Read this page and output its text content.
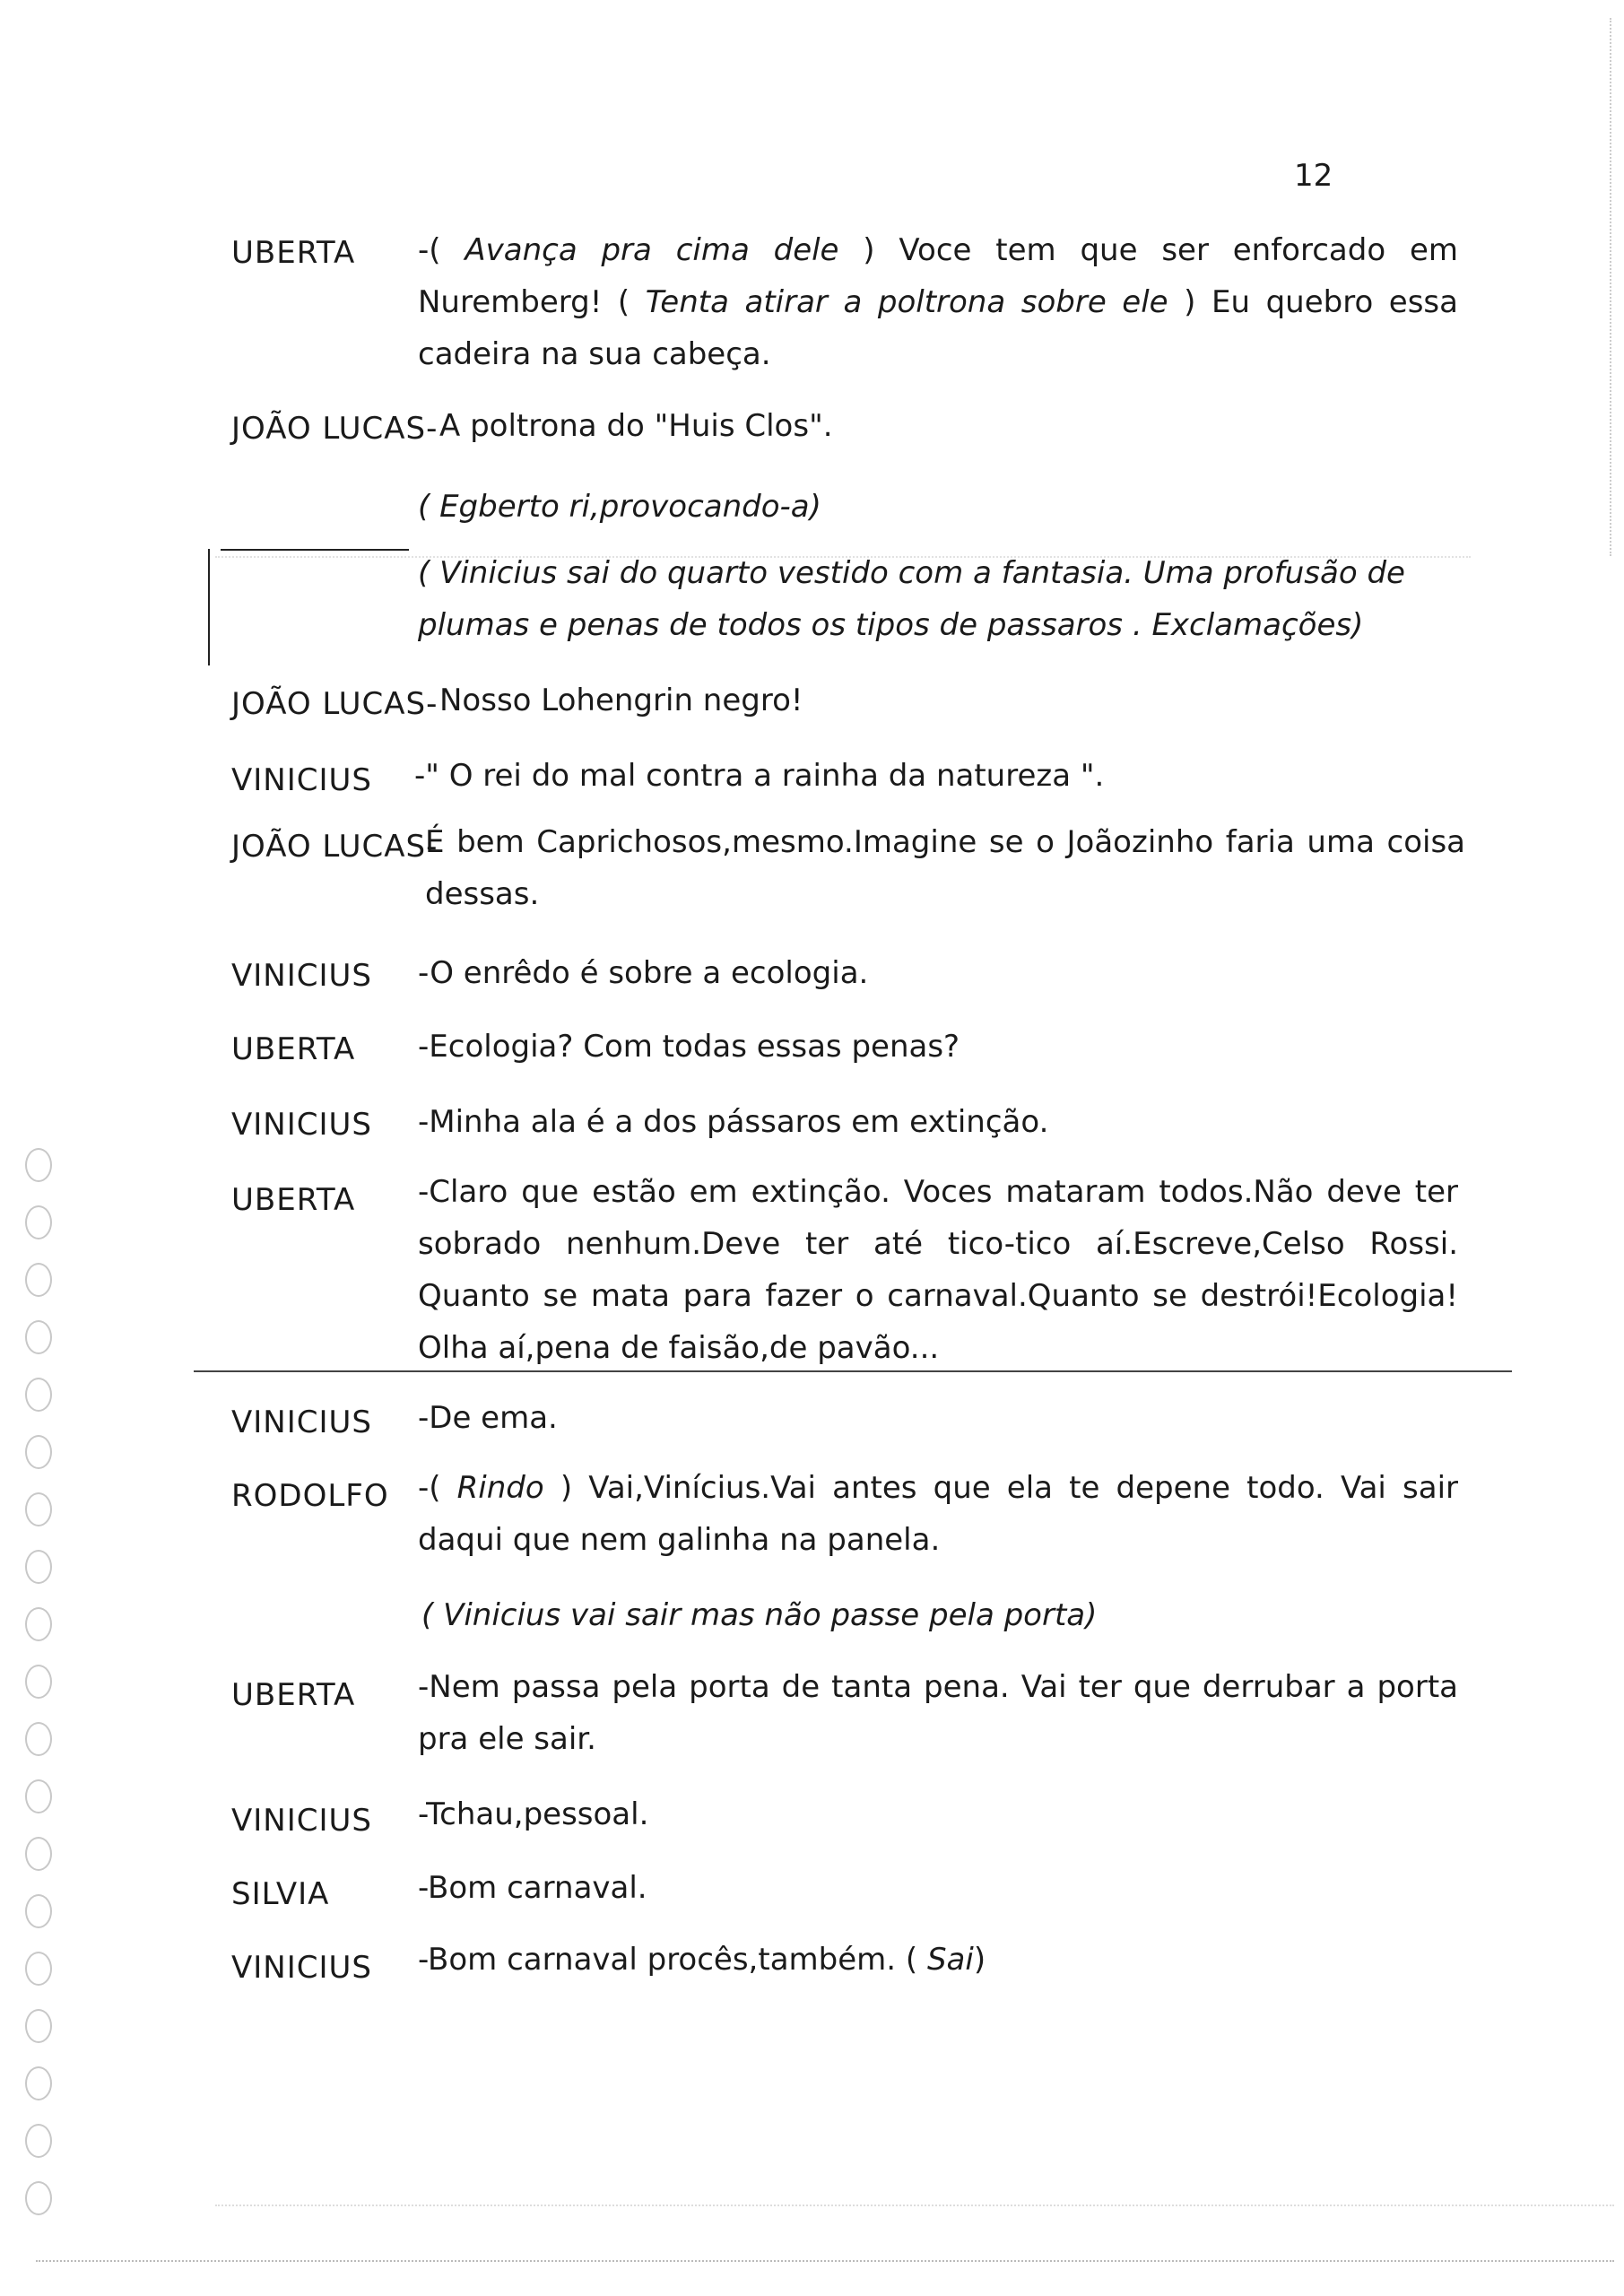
12
UBERTA -( Avança pra cima dele ) Voce tem que ser enforcado em Nuremberg! ( Tenta atirar a poltrona sobre ele ) Eu quebro essa cadeira na sua cabeça.
JOÃO LUCAS- A poltrona do "Huis Clos".
( Egberto ri,provocando-a)
( Vinicius sai do quarto vestido com a fantasia. Uma profusão de plumas e penas de todos os tipos de passaros . Exclamações)
JOÃO LUCAS- Nosso Lohengrin negro!
VINICIUS -" O rei do mal contra a rainha da natureza ".
JOÃO LUCAS-
É bem Caprichosos,mesmo.Imagine se o Joãozinho faria uma coisa dessas.
VINICIUS -O enrêdo é sobre a ecologia.
UBERTA -Ecologia? Com todas essas penas?
VINICIUS -Minha ala é a dos pássaros em extinção.
UBERTA -Claro que estão em extinção. Voces mataram todos.Não deve ter sobrado nenhum.Deve ter até tico-tico aí.Escreve,Celso Rossi. Quanto se mata para fazer o carnaval.Quanto se destrói!Ecologia! Olha aí,pena de faisão,de pavão...
VINICIUS -De ema.
RODOLFO -( Rindo ) Vai,Vinícius.Vai antes que ela te depene todo. Vai sair daqui que nem galinha na panela.
( Vinicius vai sair mas não passe pela porta)
UBERTA -Nem passa pela porta de tanta pena. Vai ter que derrubar a porta pra ele sair.
VINICIUS -Tchau,pessoal.
SILVIA	-Bom carnaval.
VINICIUS -Bom carnaval procês,também. ( Sai)
